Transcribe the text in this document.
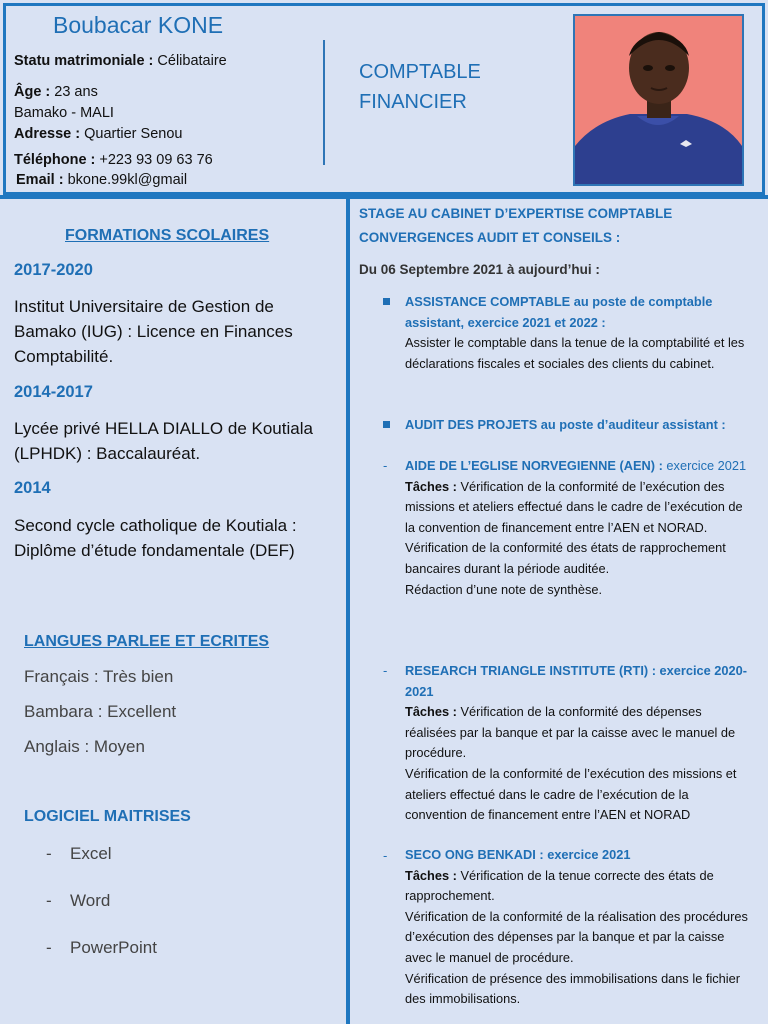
Boubacar KONE
Statu matrimoniale : Célibataire
Âge : 23 ans
Bamako - MALI
Adresse : Quartier Senou
Téléphone : +223 93 09 63 76
Email : bkone.99kl@gmail
COMPTABLE
FINANCIER
FORMATIONS SCOLAIRES
2017-2020
Institut Universitaire de Gestion de Bamako (IUG) : Licence en Finances Comptabilité.
2014-2017
Lycée privé HELLA DIALLO de Koutiala (LPHDK) : Baccalauréat.
2014
Second cycle catholique de Koutiala : Diplôme d’étude fondamentale (DEF)
LANGUES PARLEE ET ECRITES
Français : Très bien
Bambara : Excellent
Anglais : Moyen
LOGICIEL MAITRISES
- Excel
- Word
- PowerPoint
STAGE AU CABINET D’EXPERTISE COMPTABLE
CONVERGENCES AUDIT ET CONSEILS :
Du 06 Septembre 2021 à aujourd’hui :
ASSISTANCE COMPTABLE au poste de comptable assistant, exercice 2021 et 2022 :
Assister le comptable dans la tenue de la comptabilité et les déclarations fiscales et sociales des clients du cabinet.
AUDIT DES PROJETS au poste d’auditeur assistant :
- AIDE DE L’EGLISE NORVEGIENNE (AEN) : exercice 2021
Tâches : Vérification de la conformité de l’exécution des missions et ateliers effectué dans le cadre de l’exécution de la convention de financement entre l’AEN et NORAD.
Vérification de la conformité des états de rapprochement bancaires durant la période auditée.
Rédaction d’une note de synthèse.
- RESEARCH TRIANGLE INSTITUTE (RTI) : exercice 2020-2021
Tâches : Vérification de la conformité des dépenses réalisées par la banque et par la caisse avec le manuel de procédure.
Vérification de la conformité de l’exécution des missions et ateliers effectué dans le cadre de l’exécution de la convention de financement entre l’AEN et NORAD
- SECO ONG BENKADI : exercice 2021
Tâches : Vérification de la tenue correcte des états de rapprochement.
Vérification de la conformité de la réalisation des procédures d’exécution des dépenses par la banque et par la caisse avec le manuel de procédure.
Vérification de présence des immobilisations dans le fichier des immobilisations.
